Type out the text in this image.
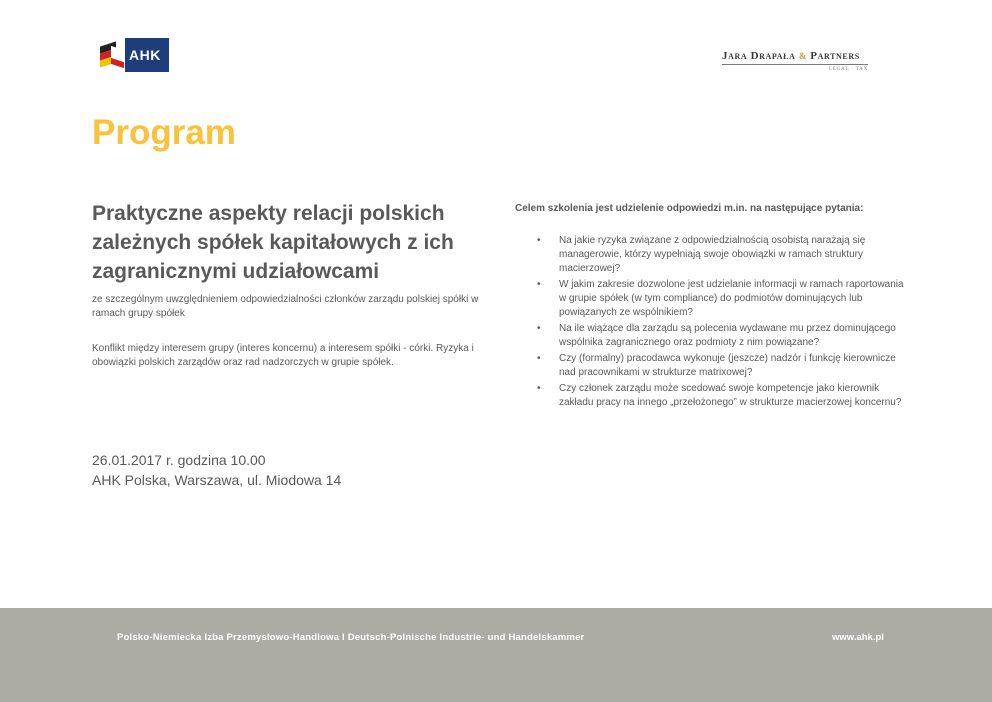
AHK	Jara Drapała & Partners
LEGAL · TAX
Program
Praktyczne aspekty relacji polskich zależnych spółek kapitałowych z ich zagranicznymi udziałowcami
ze szczególnym uwzględnieniem odpowiedzialności członków zarządu polskiej spółki w ramach grupy spółek
Konflikt między interesem grupy (interes koncernu) a interesem spółki - córki. Ryzyka i obowiązki polskich zarządów oraz rad nadzorczych w grupie spółek.
26.01.2017 r. godzina 10.00
AHK Polska, Warszawa, ul. Miodowa 14
Celem szkolenia jest udzielenie odpowiedzi m.in. na następujące pytania:
• Na jakie ryzyka związane z odpowiedzialnością osobistą narażają się managerowie, którzy wypełniają swoje obowiązki w ramach struktury macierzowej?
• W jakim zakresie dozwolone jest udzielanie informacji w ramach raportowania w grupie spółek (w tym compliance) do podmiotów dominujących lub powiązanych ze wspólnikiem?
• Na ile wiążące dla zarządu są polecenia wydawane mu przez dominującego wspólnika zagranicznego oraz podmioty z nim powiązane?
• Czy (formalny) pracodawca wykonuje (jeszcze) nadzór i funkcję kierownicze nad pracownikami w strukturze matrixowej?
• Czy członek zarządu może scedować swoje kompetencje jako kierownik zakładu pracy na innego „przełożonego” w strukturze macierzowej koncernu?
Polsko-Niemiecka Izba Przemysłowo-Handlowa I Deutsch-Polnische Industrie- und Handelskammer	www.ahk.pl
